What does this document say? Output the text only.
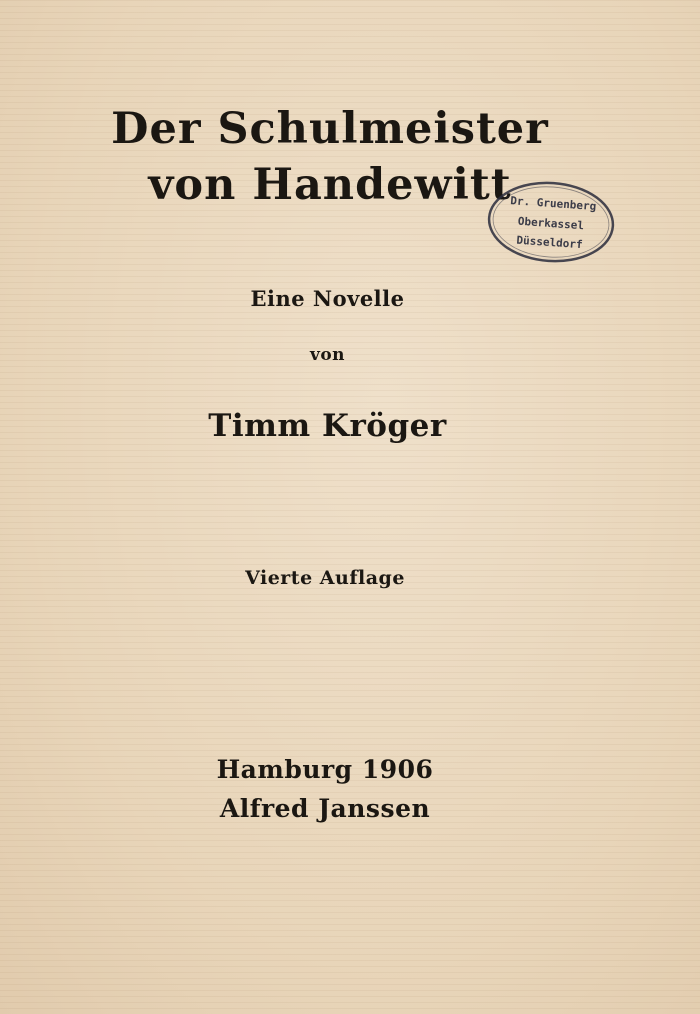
Der Schulmeister
von Handewitt
Dr. Gruenberg
Oberkassel
Düsseldorf
Eine Novelle
von
Timm Kröger
Vierte Auflage
Hamburg 1906
Alfred Janssen
